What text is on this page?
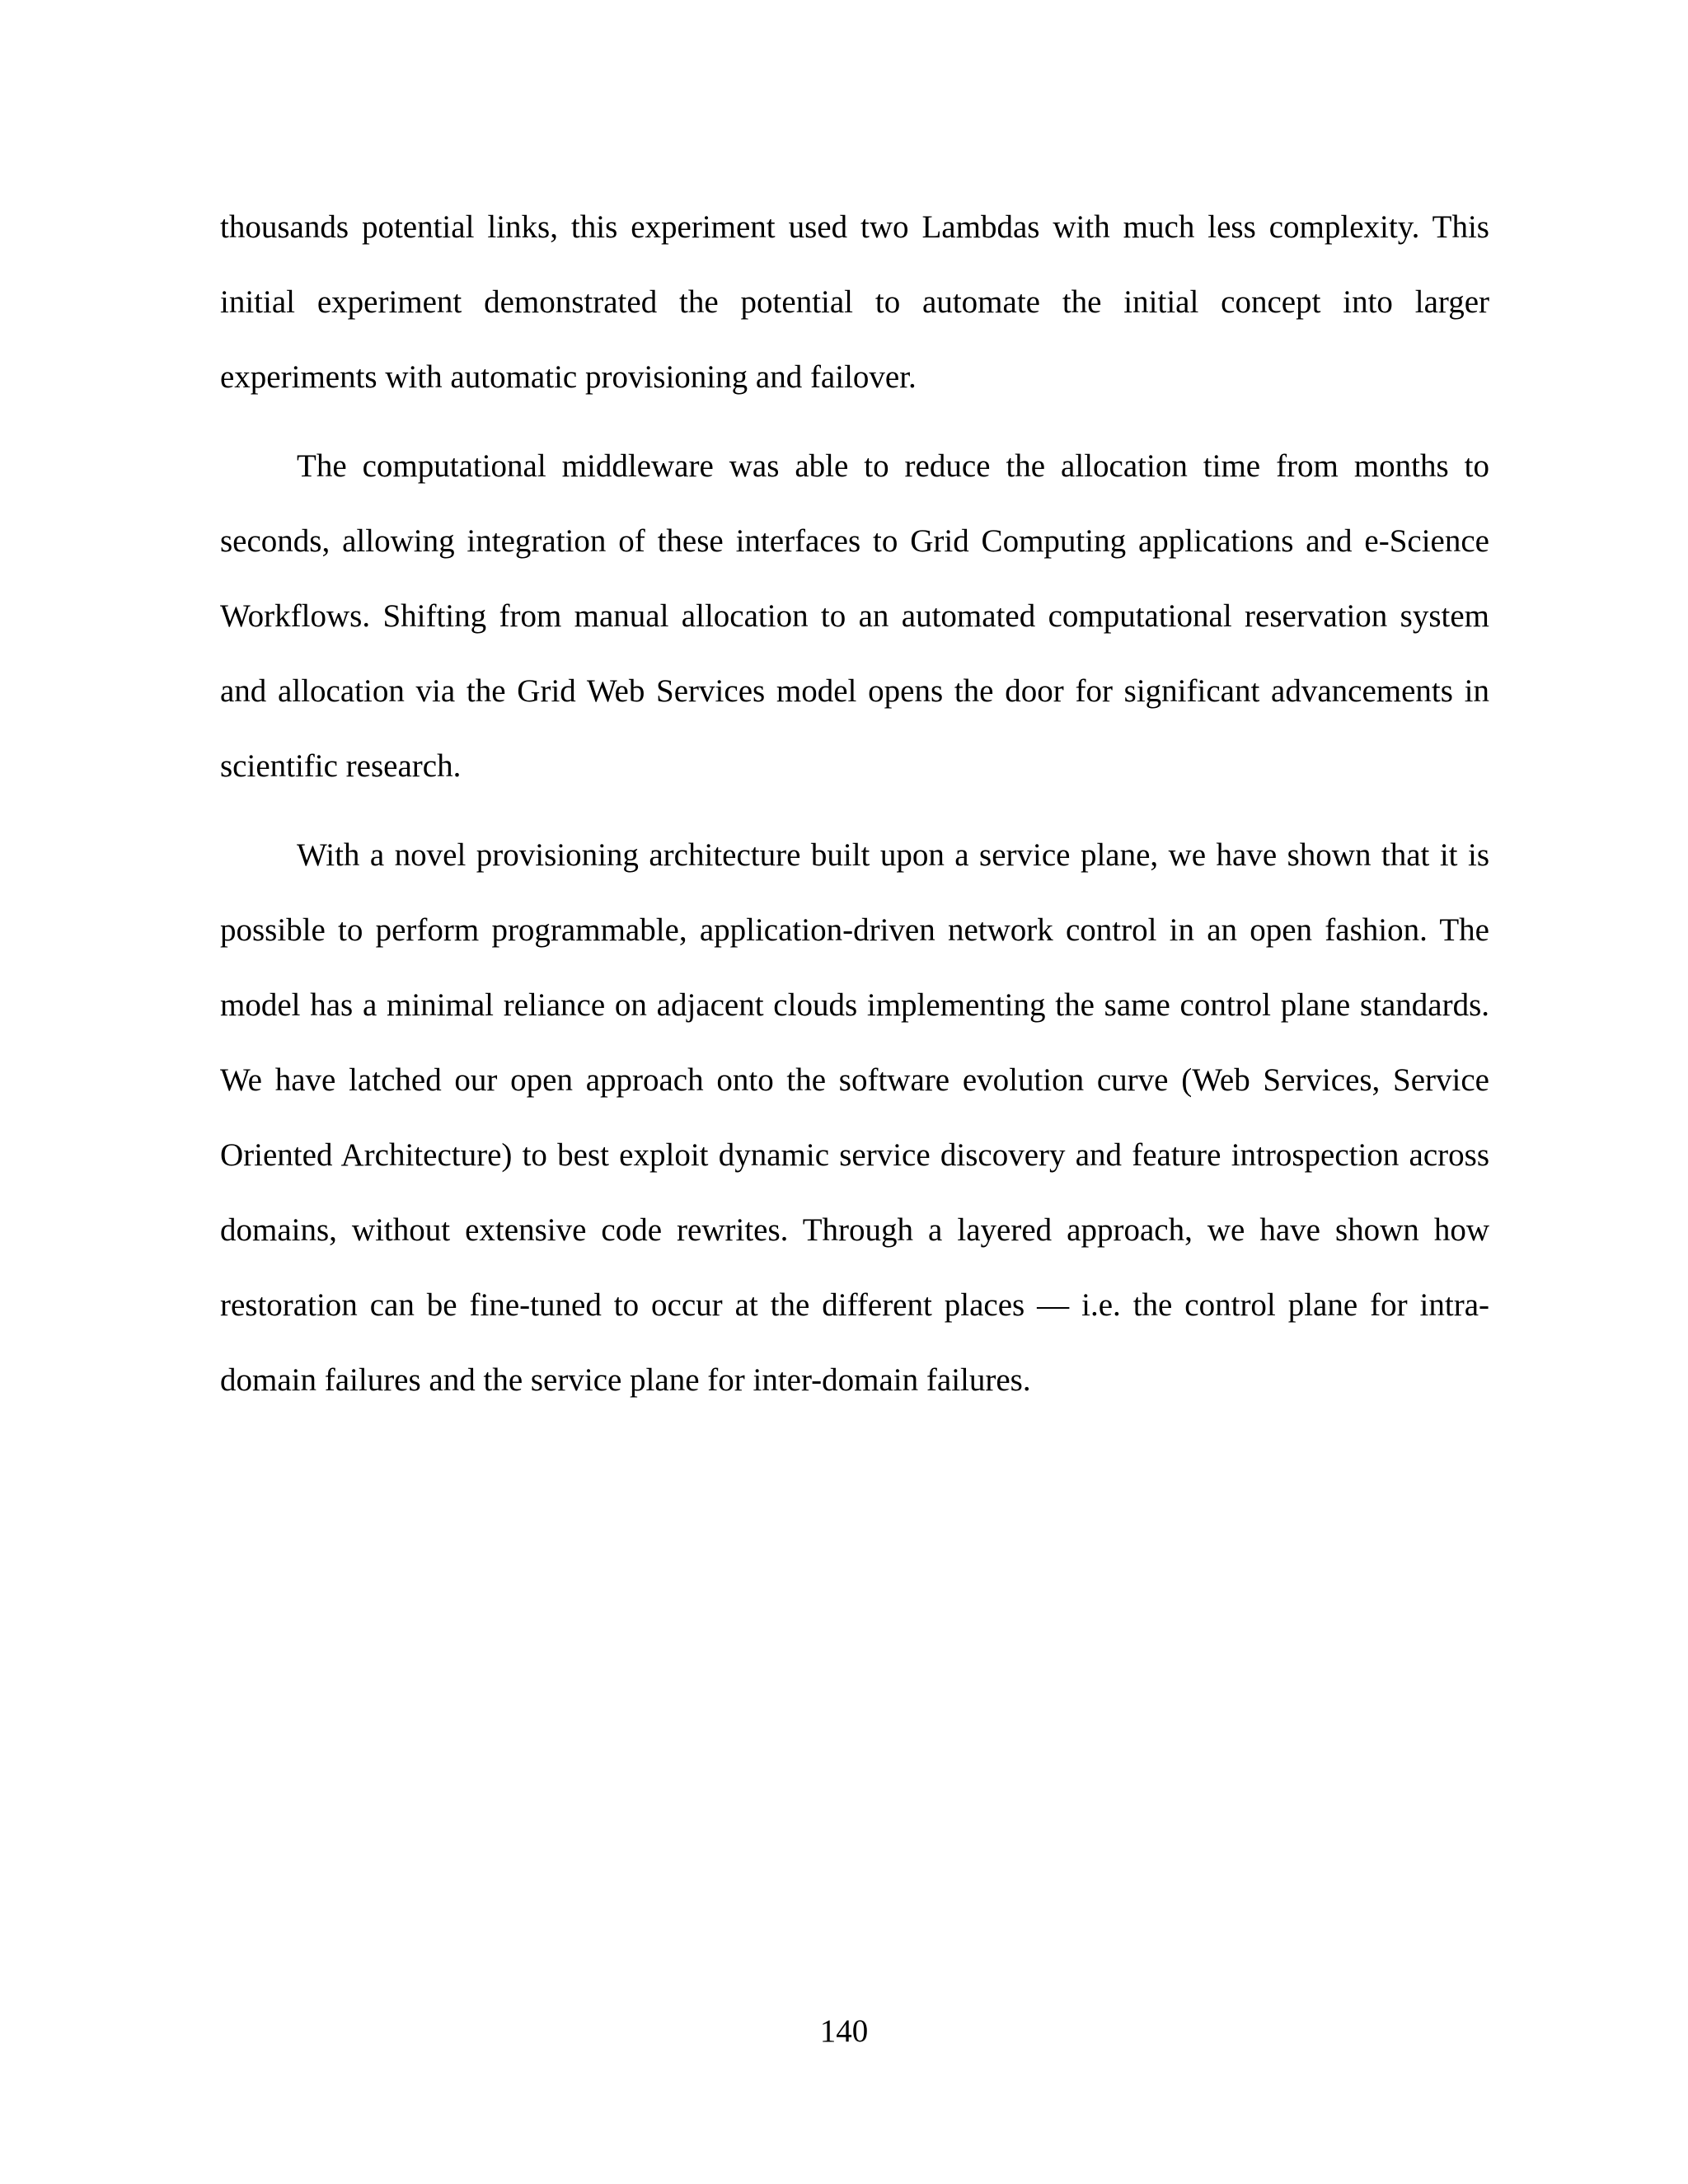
thousands potential links, this experiment used two Lambdas with much less complexity. This initial experiment demonstrated the potential to automate the initial concept into larger experiments with automatic provisioning and failover.

The computational middleware was able to reduce the allocation time from months to seconds, allowing integration of these interfaces to Grid Computing applications and e-Science Workflows. Shifting from manual allocation to an automated computational reservation system and allocation via the Grid Web Services model opens the door for significant advancements in scientific research.

With a novel provisioning architecture built upon a service plane, we have shown that it is possible to perform programmable, application-driven network control in an open fashion. The model has a minimal reliance on adjacent clouds implementing the same control plane standards. We have latched our open approach onto the software evolution curve (Web Services, Service Oriented Architecture) to best exploit dynamic service discovery and feature introspection across domains, without extensive code rewrites. Through a layered approach, we have shown how restoration can be fine-tuned to occur at the different places — i.e. the control plane for intra-domain failures and the service plane for inter-domain failures.

140
